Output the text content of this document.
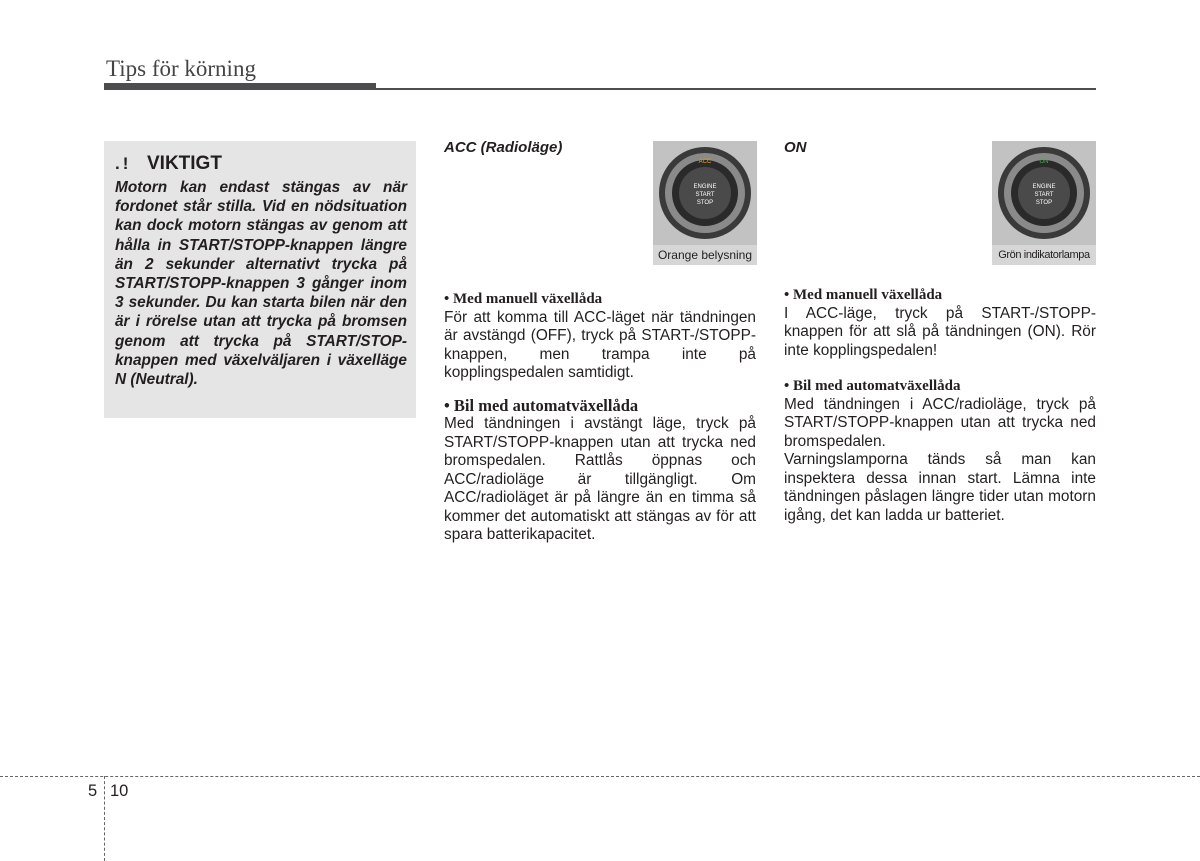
Tips för körning
.! VIKTIGT

Motorn kan endast stängas av när fordonet står stilla. Vid en nödsituation kan dock motorn stängas av genom att hålla in START/STOPP-knappen längre än 2 sekunder alternativt trycka på START/STOPP-knappen 3 gånger inom 3 sekunder. Du kan starta bilen när den är i rörelse utan att trycka på bromsen genom att trycka på START/STOP-knappen med växelväljaren i växelläge N (Neutral).

ACC (Radioläge)
ENGINE
START
STOP
ACC
Orange belysning
• Med manuell växellåda

För att komma till ACC-läget när tändningen är avstängd (OFF), tryck på START-/STOPP-knappen, men trampa inte på kopplingspedalen samtidigt.

• Bil med automatväxellåda

Med tändningen i avstängt läge, tryck på START/STOPP-knappen utan att trycka ned bromspedalen. Rattlås öppnas och ACC/radioläge är tillgängligt. Om ACC/radioläget är på längre än en timma så kommer det automatiskt att stängas av för att spara batterikapacitet.

ON
ENGINE
START
STOP
ON
Grön indikatorlampa
• Med manuell växellåda

I ACC-läge, tryck på START-/STOPP-knappen för att slå på tändningen (ON). Rör inte kopplingspedalen!

• Bil med automatväxellåda

Med tändningen i ACC/radioläge, tryck på START/STOPP-knappen utan att trycka ned bromspedalen.

Varningslamporna tänds så man kan inspektera dessa innan start. Lämna inte tändningen påslagen längre tider utan motorn igång, det kan ladda ur batteriet.

5 10
